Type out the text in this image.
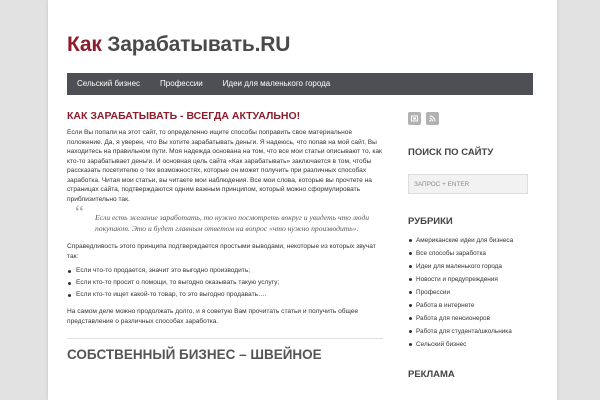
Как Зарабатывать.RU
Сельский бизнес	Профессии	Идеи для маленького города
КАК ЗАРАБАТЫВАТЬ - ВСЕГДА АКТУАЛЬНО!

Если Вы попали на этот сайт, то определенно ищите способы поправить свое материальное положение. Да, я уверен, что Вы хотите зарабатывать деньги. Я надеюсь, что попав на мой сайт, Вы находитесь на правильном пути. Моя надежда основана на том, что все мои статьи описывают то, как кто-то зарабатывает деньги. И основная цель сайта «Как зарабатывать» заключается в том, чтобы рассказать посетителю о тех возможностях, которые он может получить при различных способах заработка. Читая мои статьи, вы читаете мои наблюдения. Все мои слова, которые вы прочтете на страницах сайта, подтверждаются одним важным принципом, который можно сформулировать приблизительно так.

“ Если есть желание заработать, то нужно посмотреть вокруг и увидеть что люди покупают. Это и будет главным ответом на вопрос «что нужно производить».

Справедливость этого принципа подтверждается простыми выводами, некоторые из которых звучат так:

Если что-то продается, значит это выгодно производить;
Если кто-то просит о помощи, то выгодно оказывать такую услугу;
Если кто-то ищет какой-то товар, то это выгодно продавать….

На самом деле можно продолжать долго, и я советую Вам прочитать статьи и получить общее представление о различных способах заработка.

СОБСТВЕННЫЙ БИЗНЕС – ШВЕЙНОЕ
ПОИСК ПО САЙТУ
ЗАПРОС + ENTER
РУБРИКИ
Американские идеи для бизнеса
Все способы заработка
Идеи для маленького города
Новости и предупреждения
Профессии
Работа в интернете
Работа для пенсионеров
Работа для студента/школьника
Сельский бизнес
РЕКЛАМА
